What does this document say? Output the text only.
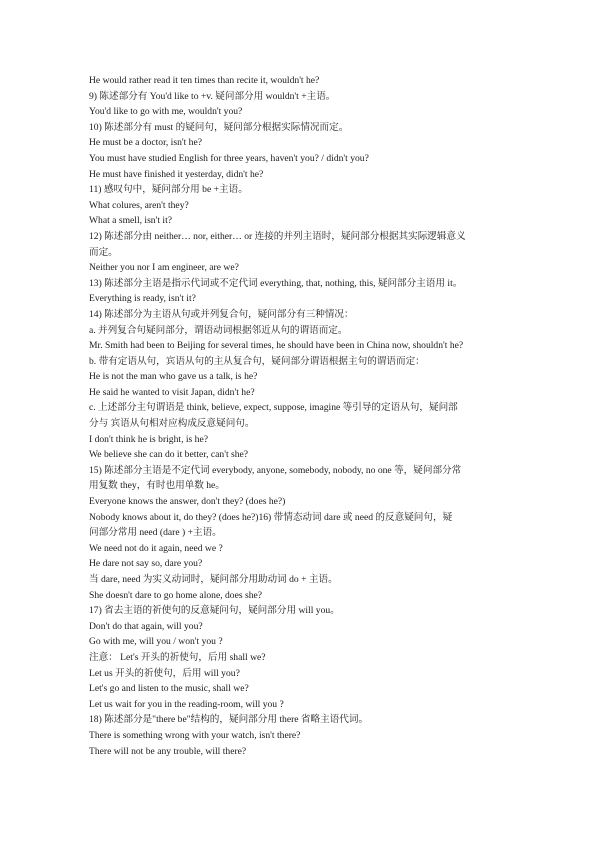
He would rather read it ten times than recite it, wouldn't he?
9) 陈述部分有 You'd like to +v. 疑问部分用 wouldn't +主语。
You'd like to go with me, wouldn't you?
10) 陈述部分有 must 的疑问句，疑问部分根据实际情况而定。
He must be a doctor, isn't he?
You must have studied English for three years, haven't you? / didn't you?
He must have finished it yesterday, didn't he?
11) 感叹句中，疑问部分用 be +主语。
What colures, aren't they?
What a smell, isn't it?
12) 陈述部分由 neither… nor, either… or 连接的并列主语时，疑问部分根据其实际逻辑意义
而定。
Neither you nor I am engineer, are we?
13) 陈述部分主语是指示代词或不定代词 everything, that, nothing, this, 疑问部分主语用 it。
Everything is ready, isn't it?
14) 陈述部分为主语从句或并列复合句，疑问部分有三种情况：
a. 并列复合句疑问部分，谓语动词根据邻近从句的谓语而定。
Mr. Smith had been to Beijing for several times, he should have been in China now, shouldn't he?
b. 带有定语从句，宾语从句的主从复合句，疑问部分谓语根据主句的谓语而定：
He is not the man who gave us a talk, is he?
He said he wanted to visit Japan, didn't he?
c. 上述部分主句谓语是 think, believe, expect, suppose, imagine 等引导的定语从句，疑问部
分与 宾语从句相对应构成反意疑问句。
I don't think he is bright, is he?
We believe she can do it better, can't she?
15) 陈述部分主语是不定代词 everybody, anyone, somebody, nobody, no one 等，疑问部分常
用复数 they，有时也用单数 he。
Everyone knows the answer, don't they? (does he?)
Nobody knows about it, do they? (does he?)16) 带情态动词 dare 或 need 的反意疑问句，疑
问部分常用 need (dare ) +主语。
We need not do it again, need we ?
He dare not say so, dare you?
当 dare, need 为实义动词时，疑问部分用助动词 do + 主语。
She doesn't dare to go home alone, does she?
17) 省去主语的祈使句的反意疑问句，疑问部分用 will you。
Don't do that again, will you?
Go with me, will you / won't you ?
注意： Let's 开头的祈使句，后用 shall we?
Let us 开头的祈使句，后用 will you?
Let's go and listen to the music, shall we?
Let us wait for you in the reading-room, will you ?
18) 陈述部分是"there be"结构的，疑问部分用 there 省略主语代词。
There is something wrong with your watch, isn't there?
There will not be any trouble, will there?
